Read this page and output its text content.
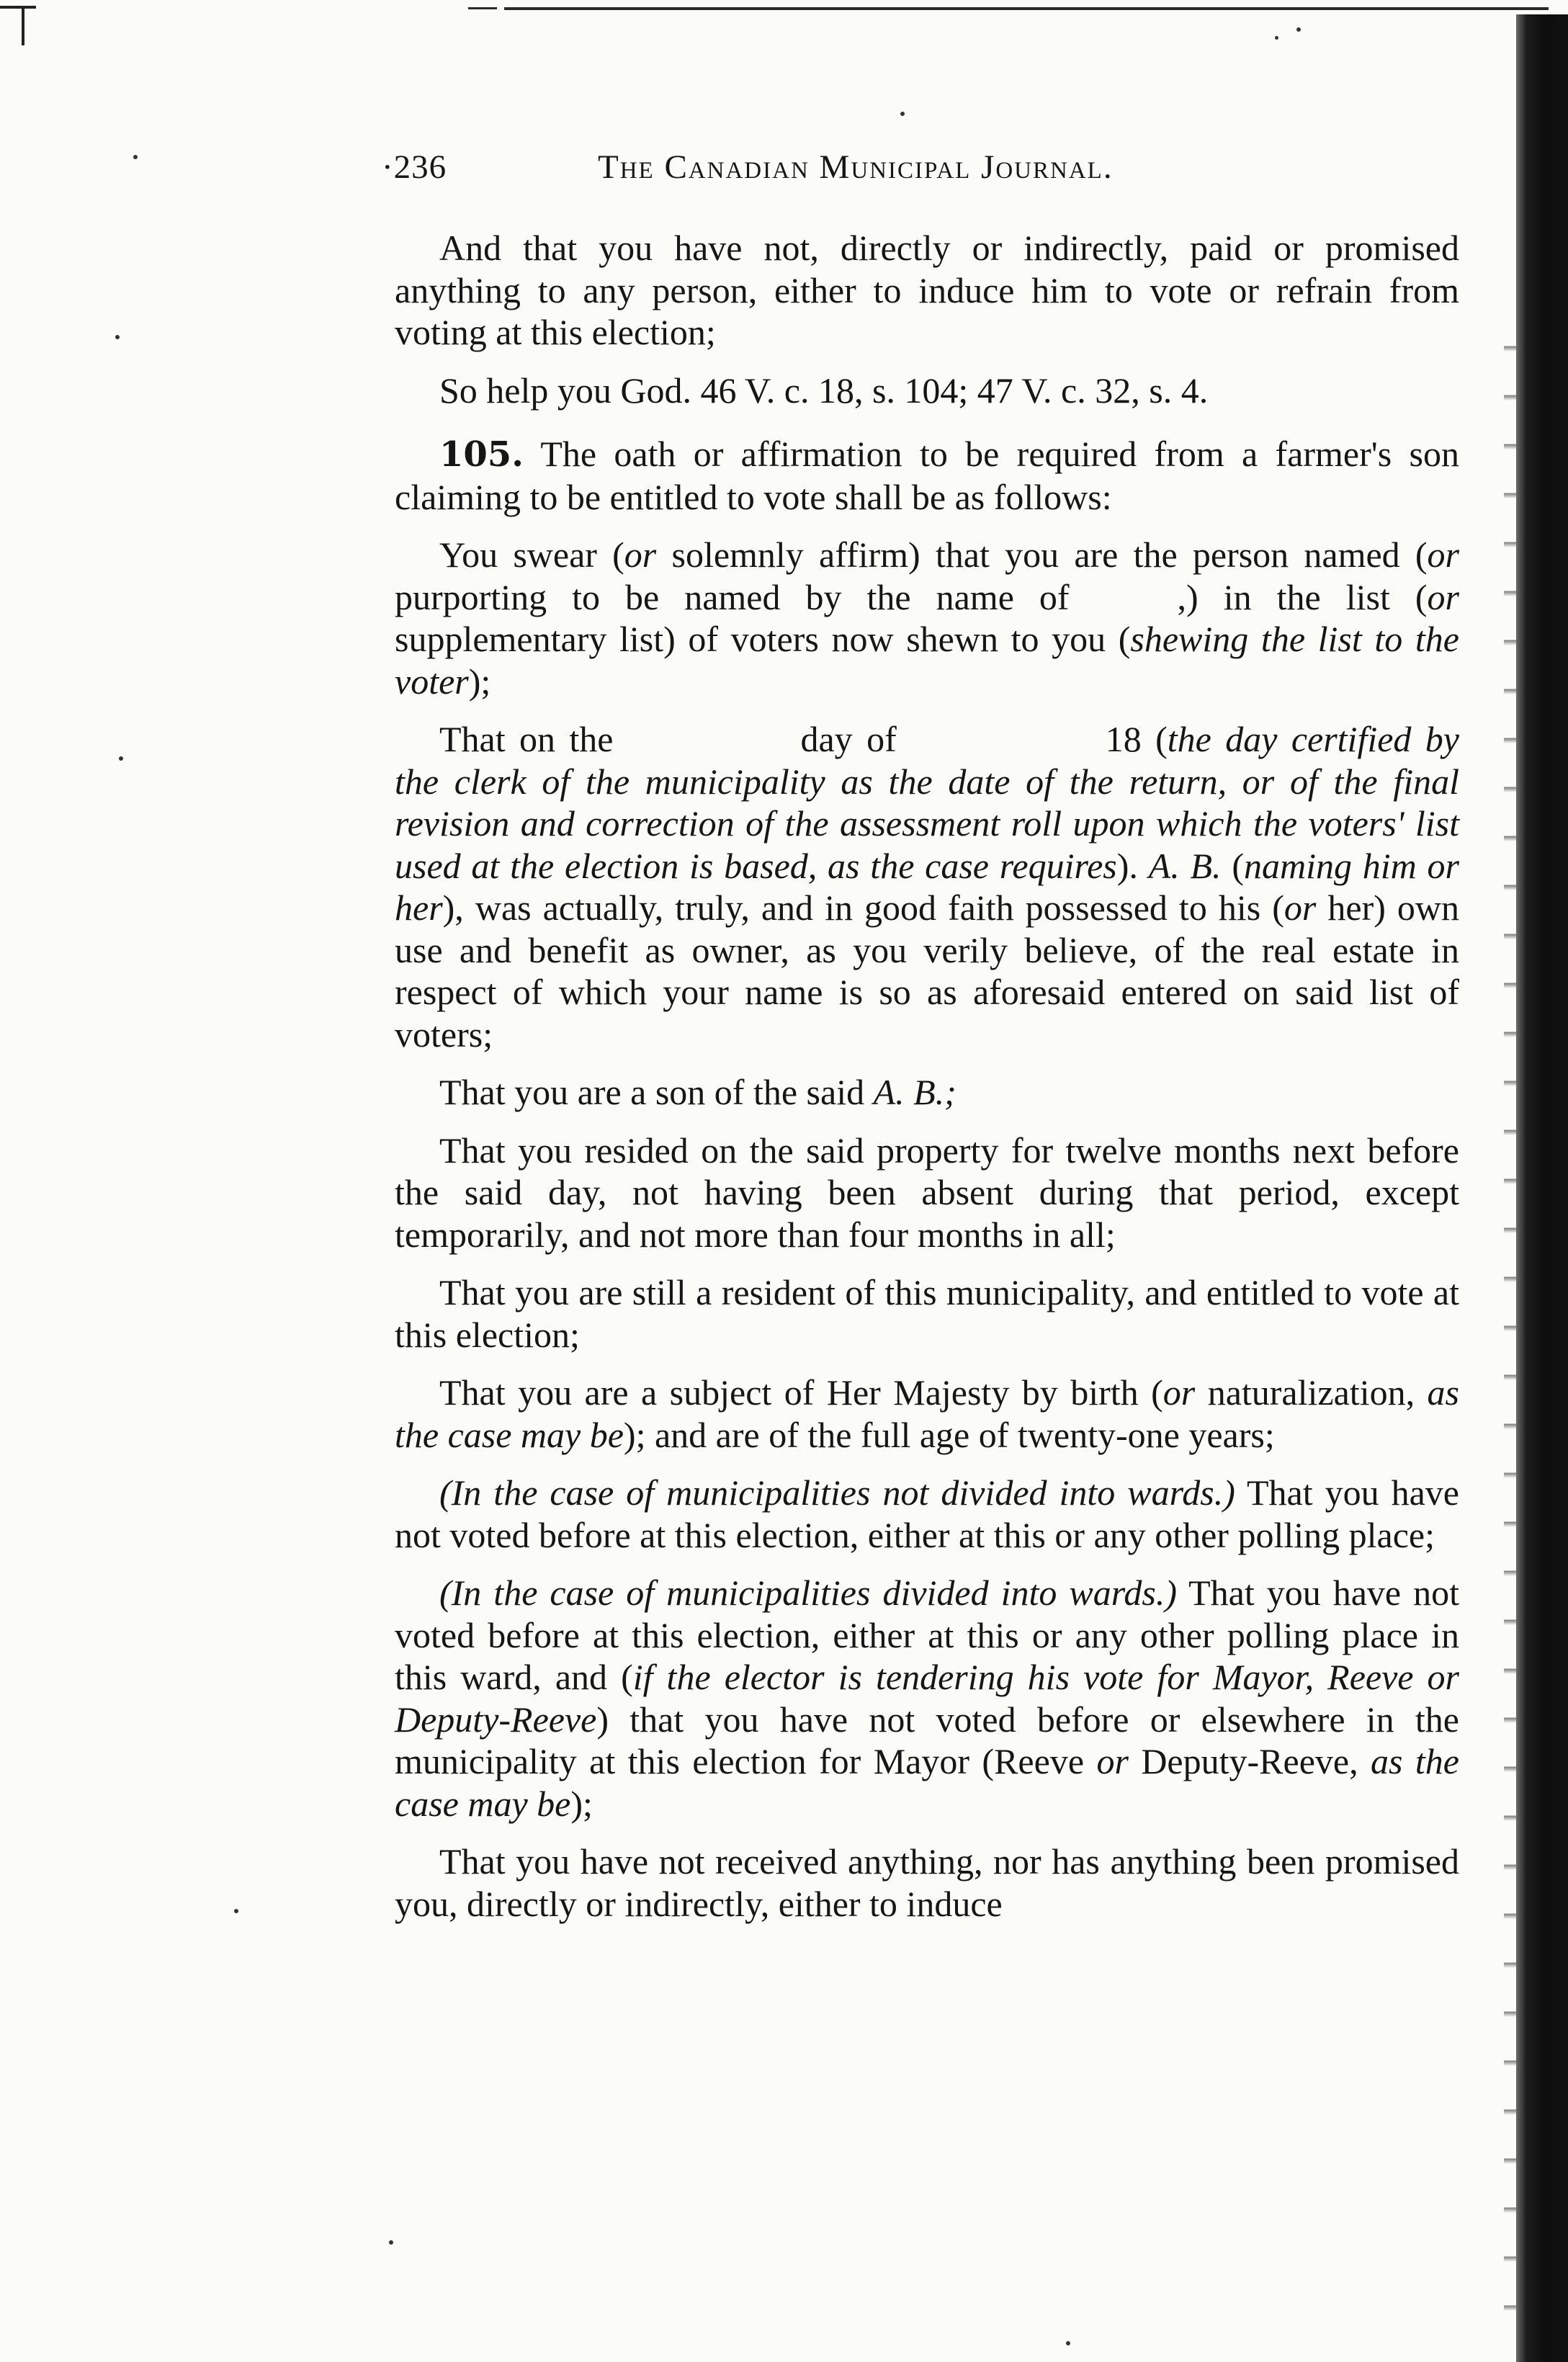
·236	The Canadian Municipal Journal.

And that you have not, directly or indirectly, paid or promised anything to any person, either to induce him to vote or refrain from voting at this election;

So help you God. 46 V. c. 18, s. 104; 47 V. c. 32, s. 4.

105. The oath or affirmation to be required from a farmer's son claiming to be entitled to vote shall be as follows:

You swear (or solemnly affirm) that you are the person named (or purporting to be named by the name of	,) in the list (or supplementary list) of voters now shewn to you (shewing the list to the voter);

That on the	day of	18 (the day certified by the clerk of the municipality as the date of the return, or of the final revision and correction of the assessment roll upon which the voters' list used at the election is based, as the case requires). A. B. (naming him or her), was actually, truly, and in good faith possessed to his (or her) own use and benefit as owner, as you verily believe, of the real estate in respect of which your name is so as aforesaid entered on said list of voters;

That you are a son of the said A. B.;

That you resided on the said property for twelve months next before the said day, not having been absent during that period, except temporarily, and not more than four months in all;

That you are still a resident of this municipality, and entitled to vote at this election;

That you are a subject of Her Majesty by birth (or naturalization, as the case may be); and are of the full age of twenty-one years;

(In the case of municipalities not divided into wards.) That you have not voted before at this election, either at this or any other polling place;

(In the case of municipalities divided into wards.) That you have not voted before at this election, either at this or any other polling place in this ward, and (if the elector is tendering his vote for Mayor, Reeve or Deputy-Reeve) that you have not voted before or elsewhere in the municipality at this election for Mayor (Reeve or Deputy-Reeve, as the case may be);

That you have not received anything, nor has anything been promised you, directly or indirectly, either to induce
